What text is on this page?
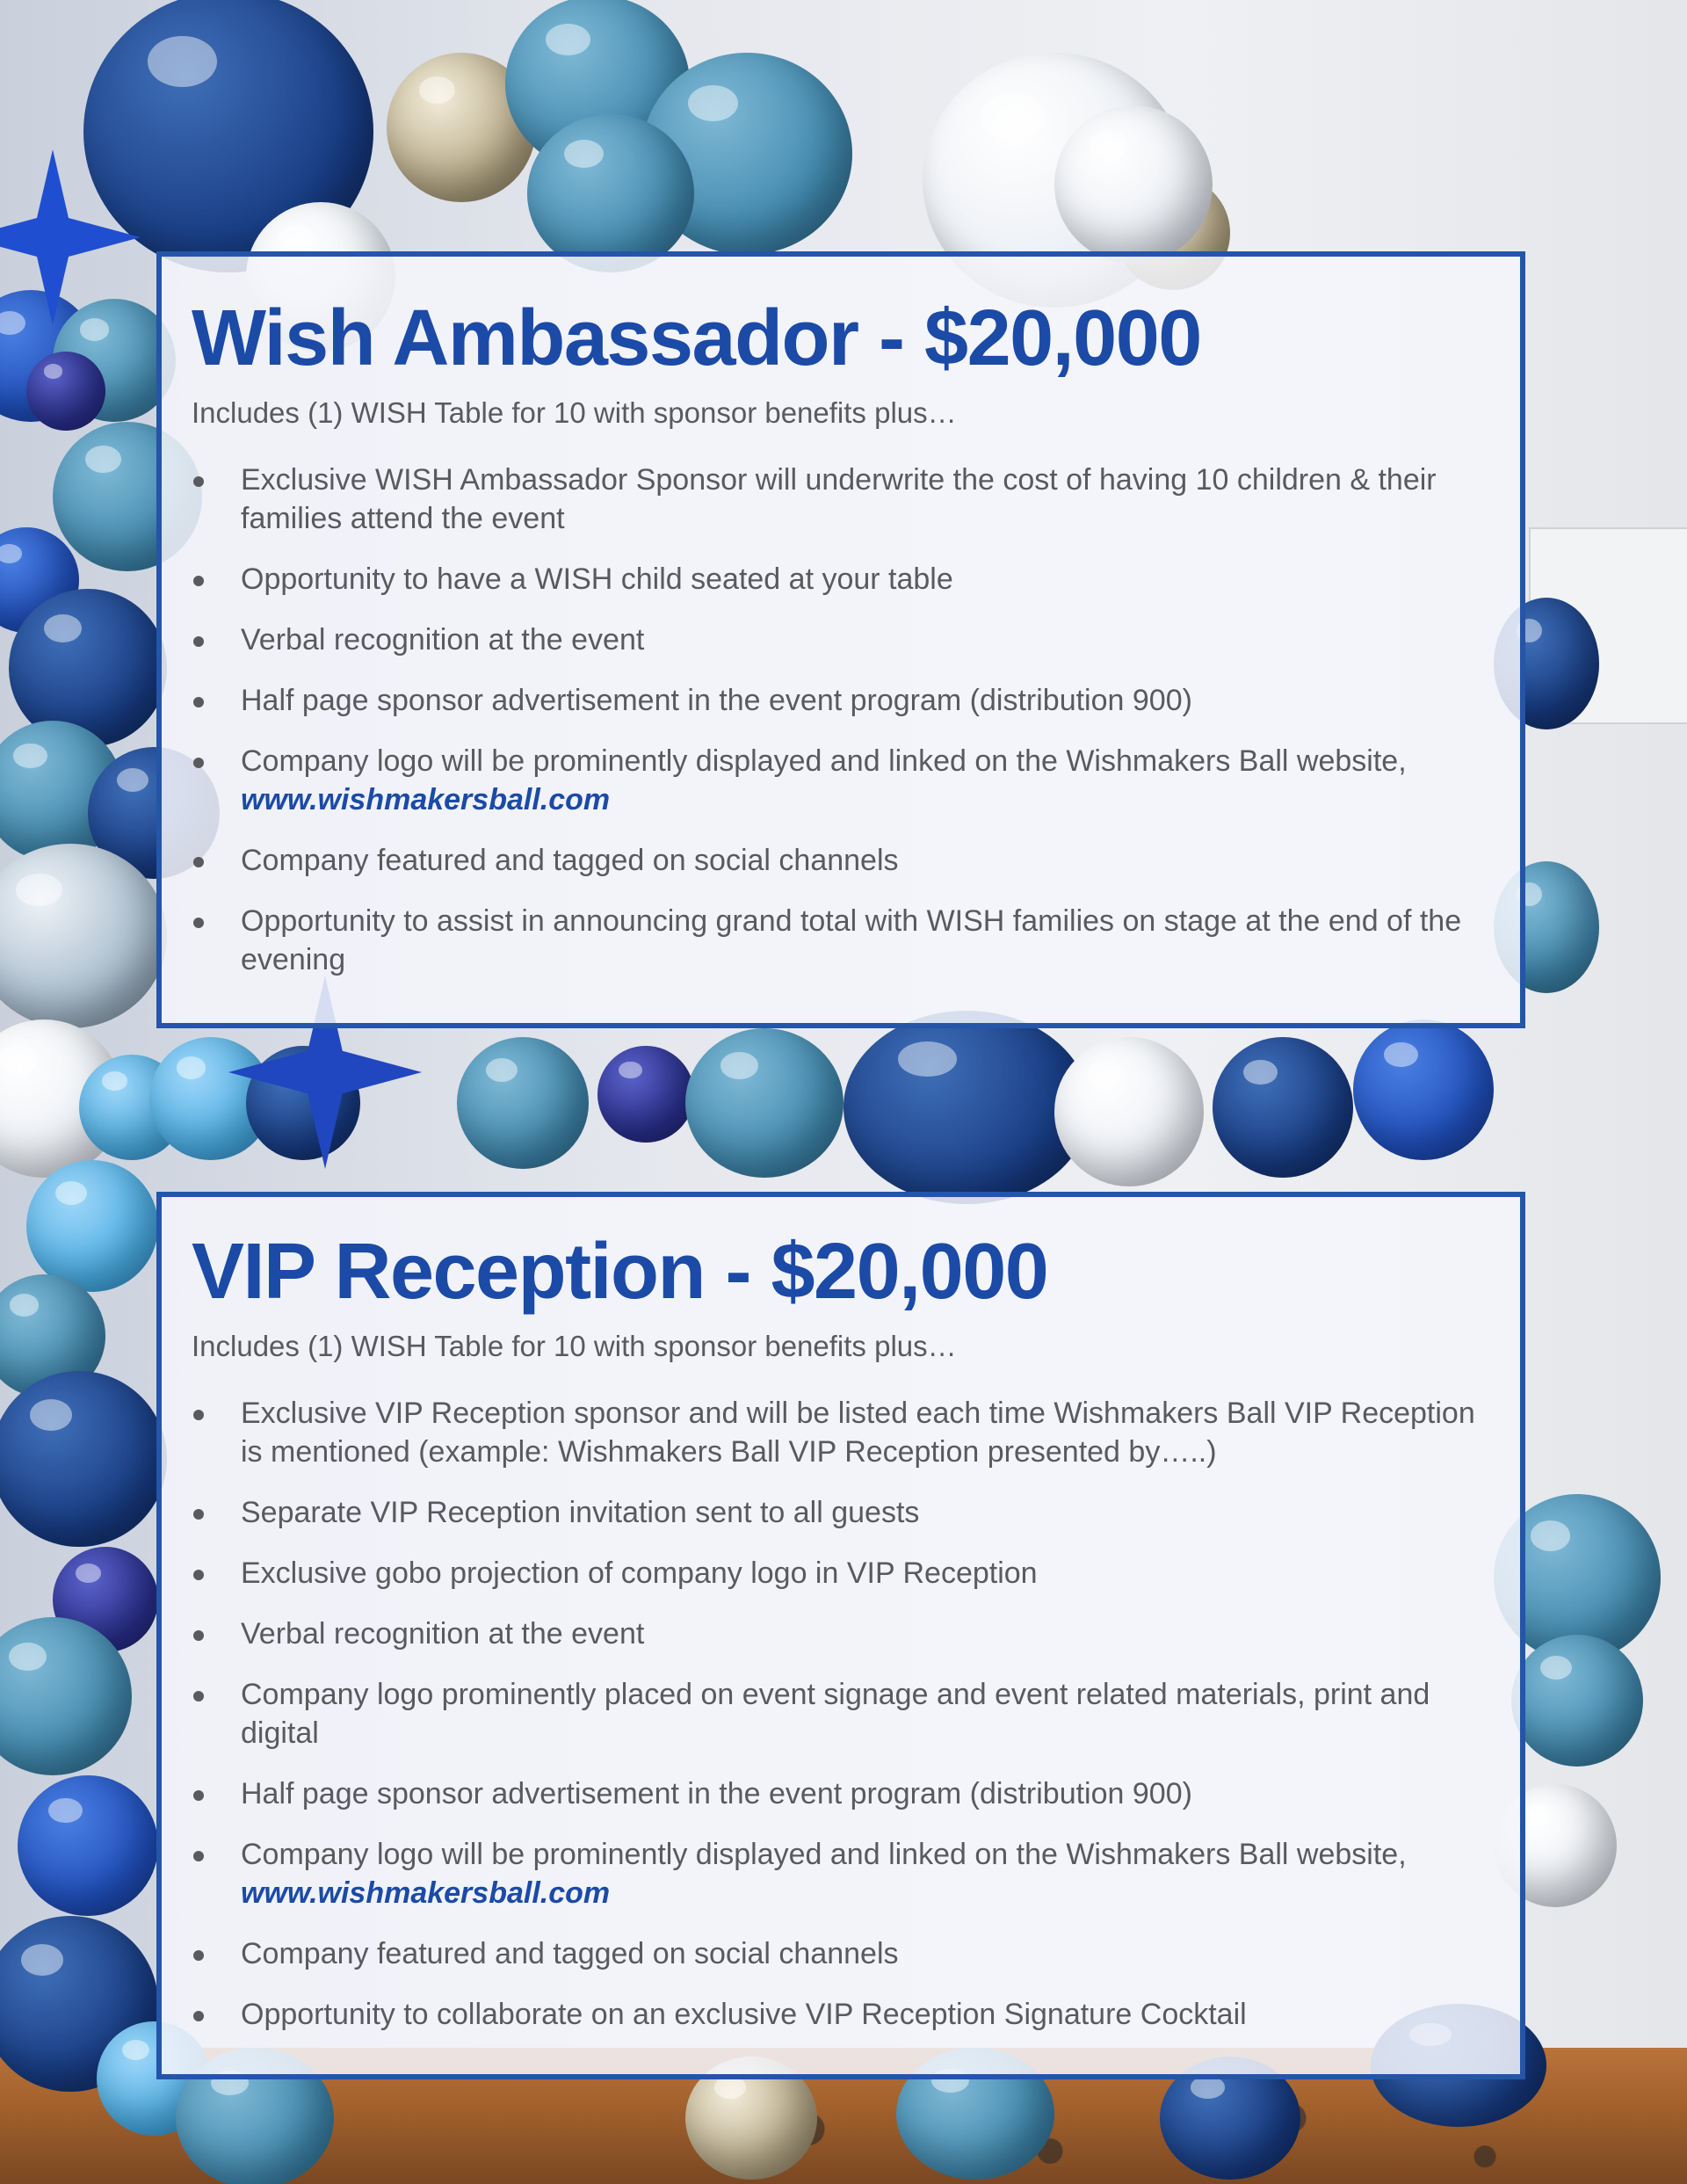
Wish Ambassador - $20,000

Includes (1) WISH Table for 10 with sponsor benefits plus…

Exclusive WISH Ambassador Sponsor will underwrite the cost of having 10 children & their families attend the event
Opportunity to have a WISH child seated at your table
Verbal recognition at the event
Half page sponsor advertisement in the event program (distribution 900)
Company logo will be prominently displayed and linked on the Wishmakers Ball website, www.wishmakersball.com
Company featured and tagged on social channels
Opportunity to assist in announcing grand total with WISH families on stage at the end of the evening
VIP Reception - $20,000

Includes (1) WISH Table for 10 with sponsor benefits plus…

Exclusive VIP Reception sponsor and will be listed each time Wishmakers Ball VIP Reception is mentioned (example: Wishmakers Ball VIP Reception presented by…..)
Separate VIP Reception invitation sent to all guests
Exclusive gobo projection of company logo in VIP Reception
Verbal recognition at the event
Company logo prominently placed on event signage and event related materials, print and digital
Half page sponsor advertisement in the event program (distribution 900)
Company logo will be prominently displayed and linked on the Wishmakers Ball website, www.wishmakersball.com
Company featured and tagged on social channels
Opportunity to collaborate on an exclusive VIP Reception Signature Cocktail
